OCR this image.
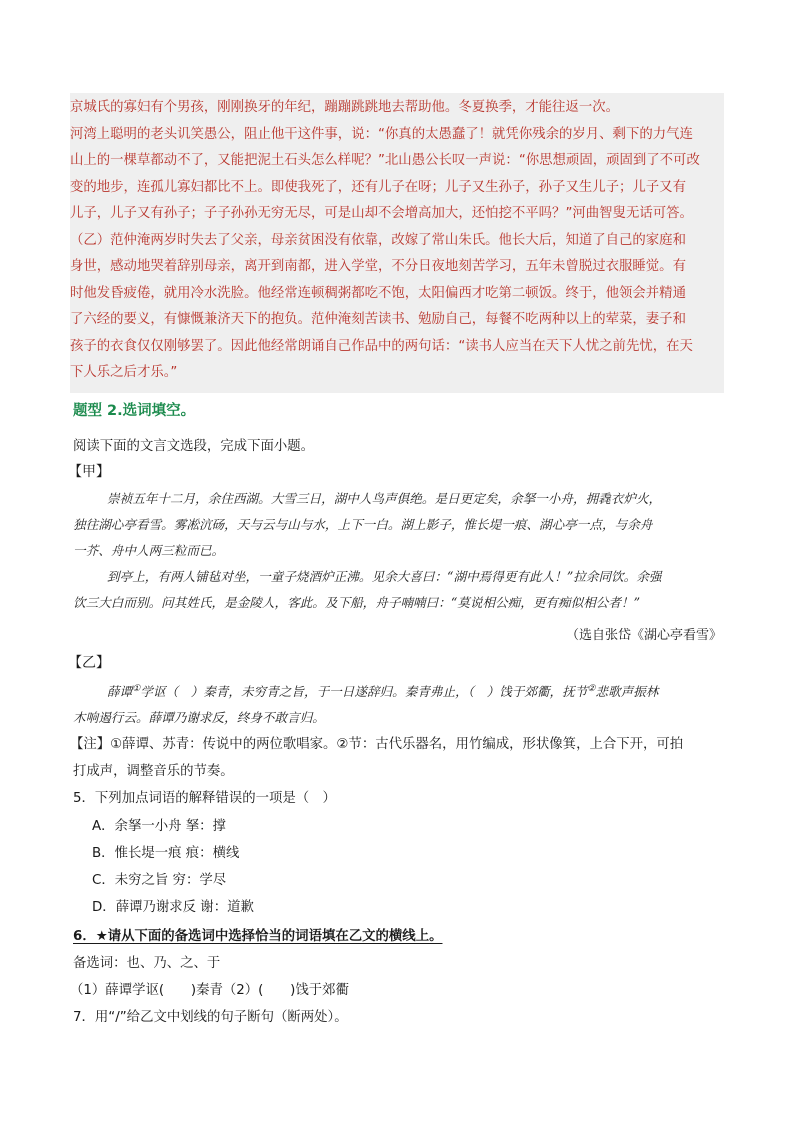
京城氏的寡妇有个男孩，刚刚换牙的年纪，蹦蹦跳跳地去帮助他。冬夏换季，才能往返一次。

河湾上聪明的老头讥笑愚公，阻止他干这件事，说：“你真的太愚蠢了！就凭你残余的岁月、剩下的力气连

山上的一棵草都动不了，又能把泥土石头怎么样呢？”北山愚公长叹一声说：“你思想顽固，顽固到了不可改

变的地步，连孤儿寡妇都比不上。即使我死了，还有儿子在呀；儿子又生孙子，孙子又生儿子；儿子又有

儿子，儿子又有孙子；子子孙孙无穷无尽，可是山却不会增高加大，还怕挖不平吗？”河曲智叟无话可答。

（乙）范仲淹两岁时失去了父亲，母亲贫困没有依靠，改嫁了常山朱氏。他长大后，知道了自己的家庭和

身世，感动地哭着辞别母亲，离开到南都，进入学堂，不分日夜地刻苦学习，五年未曾脱过衣服睡觉。有

时他发昏疲倦，就用冷水洗脸。他经常连顿稠粥都吃不饱，太阳偏西才吃第二顿饭。终于，他领会并精通

了六经的要义，有慷慨兼济天下的抱负。范仲淹刻苦读书、勉励自己，每餐不吃两种以上的荤菜，妻子和

孩子的衣食仅仅刚够罢了。因此他经常朗诵自己作品中的两句话：“读书人应当在天下人忧之前先忧，在天

下人乐之后才乐。”

题型 2.选词填空。
阅读下面的文言文选段，完成下面小题。
【甲】

崇祯五年十二月，余住西湖。大雪三日，湖中人鸟声俱绝。是日更定矣，余拏一小舟，拥毳衣炉火，

独往湖心亭看雪。雾凇沆砀，天与云与山与水，上下一白。湖上影子，惟长堤一痕、湖心亭一点，与余舟

一芥、舟中人两三粒而已。

到亭上，有两人铺毡对坐，一童子烧酒炉正沸。见余大喜曰：“湖中焉得更有此人！”拉余同饮。余强

饮三大白而别。问其姓氏，是金陵人，客此。及下船，舟子喃喃曰：“莫说相公痴，更有痴似相公者！”

（选自张岱《湖心亭看雪》
【乙】

薛谭①学讴（　）秦青，未穷青之旨，于一日遂辞归。秦青弗止，（　）饯于郊衢，抚节②悲歌声振林

木响遏行云。薛谭乃谢求反，终身不敢言归。

【注】①薛谭、苏青：传说中的两位歌唱家。②节：古代乐器名，用竹编成，形状像箕，上合下开，可拍
打成声，调整音乐的节奏。
5．下列加点词语的解释错误的一项是（　）
A．余拏一小舟 拏：撑
B．惟长堤一痕 痕：横线
C．未穷之旨 穷：学尽
D．薛谭乃谢求反 谢：道歉
6．★请从下面的备选词中选择恰当的词语填在乙文的横线上。
备选词：也、乃、之、于
（1）薛谭学讴(　　)秦青（2）(　　)饯于郊衢
7．用“/”给乙文中划线的句子断句（断两处）。
